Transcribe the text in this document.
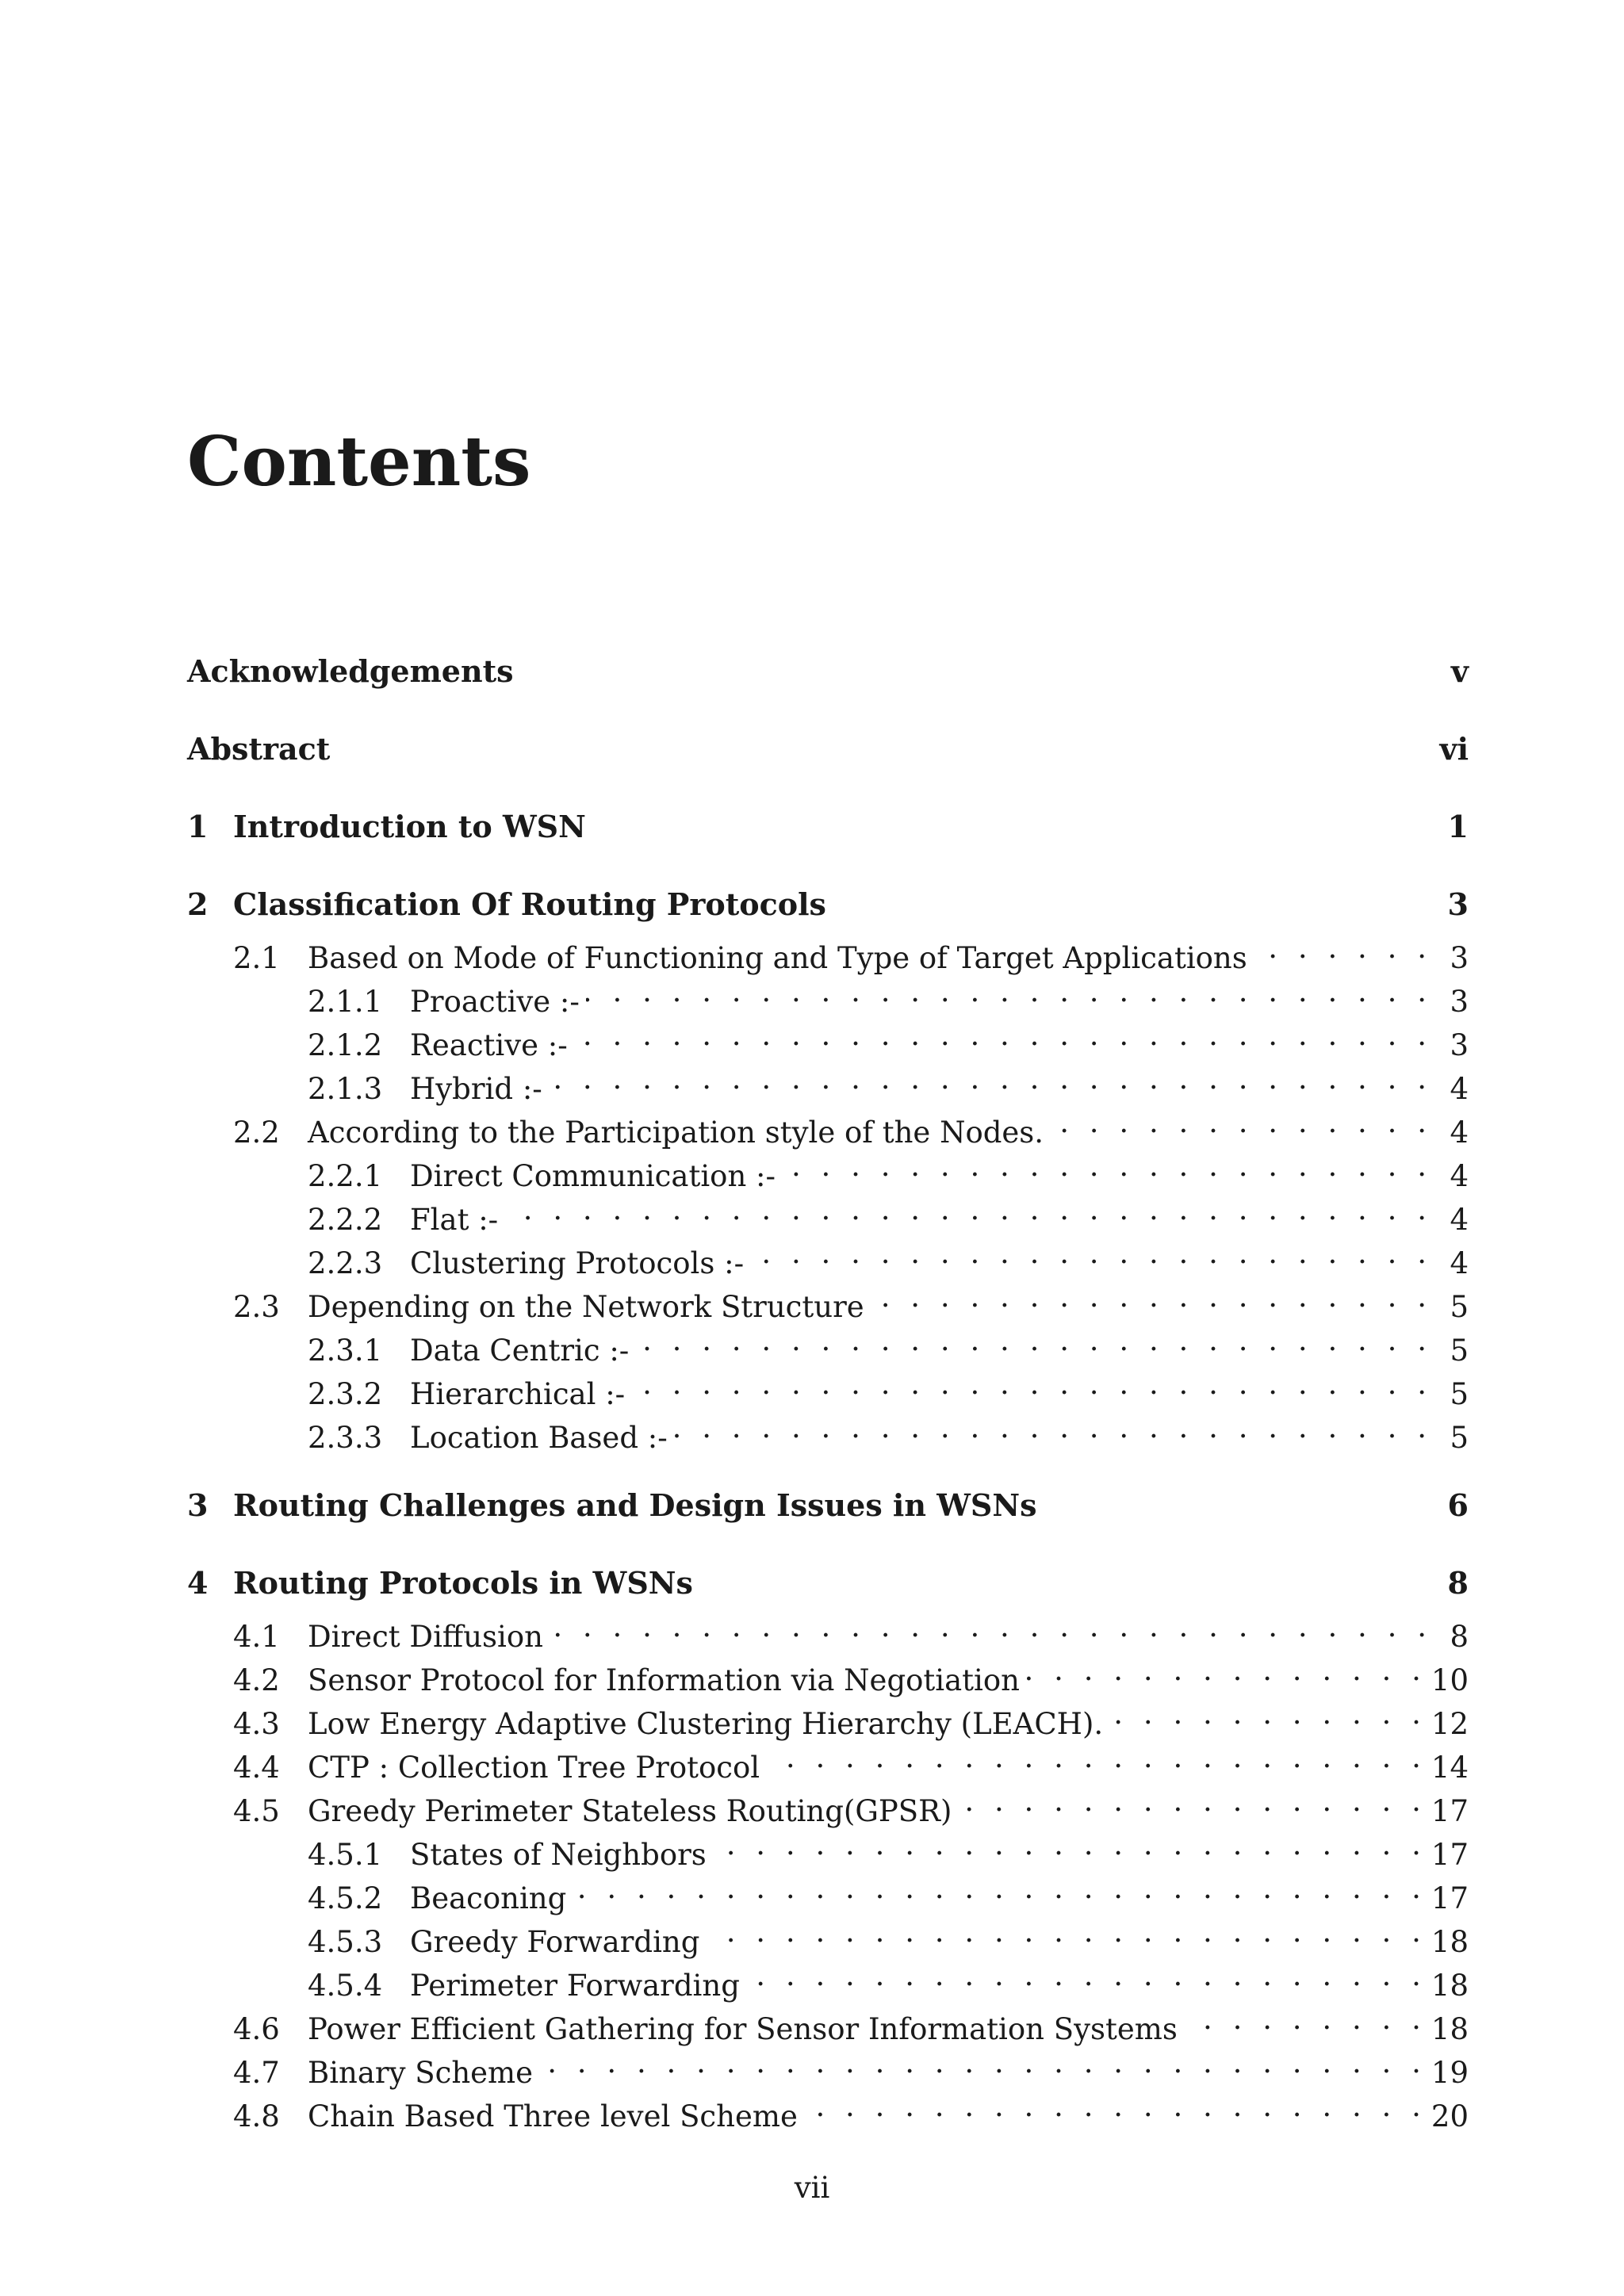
Contents
Acknowledgements	v
Abstract	vi
1 Introduction to WSN	1
2 Classification Of Routing Protocols	3
2.1 Based on Mode of Functioning and Type of Target Applications . . .	3
2.1.1 Proactive :- . . .	3
2.1.2 Reactive :- . . .	3
2.1.3 Hybrid :- . . .	4
2.2 According to the Participation style of the Nodes. . . .	4
2.2.1 Direct Communication :- . . .	4
2.2.2 Flat :- . . .	4
2.2.3 Clustering Protocols :- . . .	4
2.3 Depending on the Network Structure . . .	5
2.3.1 Data Centric :- . . .	5
2.3.2 Hierarchical :- . . .	5
2.3.3 Location Based :- . . .	5
3 Routing Challenges and Design Issues in WSNs	6
4 Routing Protocols in WSNs	8
4.1 Direct Diffusion . . .	8
4.2 Sensor Protocol for Information via Negotiation . . .	10
4.3 Low Energy Adaptive Clustering Hierarchy (LEACH). . . .	12
4.4 CTP : Collection Tree Protocol . . .	14
4.5 Greedy Perimeter Stateless Routing(GPSR) . . .	17
4.5.1 States of Neighbors . . .	17
4.5.2 Beaconing . . .	17
4.5.3 Greedy Forwarding . . .	18
4.5.4 Perimeter Forwarding . . .	18
4.6 Power Efficient Gathering for Sensor Information Systems . . .	18
4.7 Binary Scheme . . .	19
4.8 Chain Based Three level Scheme . . .	20
vii
